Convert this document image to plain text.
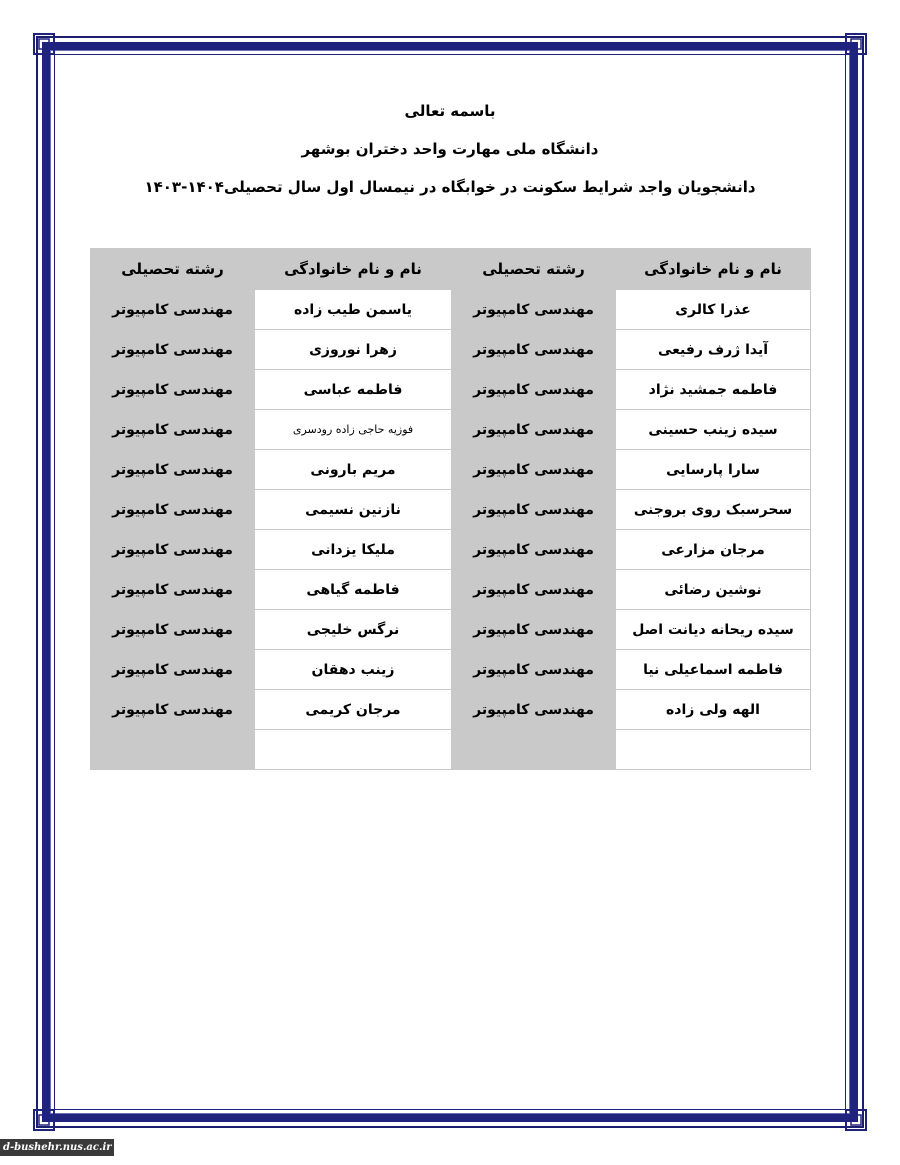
باسمه تعالی
دانشگاه ملی مهارت واحد دختران بوشهر
دانشجویان واجد شرایط سکونت در خوابگاه در نیمسال اول سال تحصیلی۱۴۰۴-۱۴۰۳
نام و نام خانوادگی	رشته تحصیلی	نام و نام خانوادگی	رشته تحصیلی
عذرا کالری	مهندسی کامپیوتر	یاسمن طیب زاده	مهندسی کامپیوتر
آیدا ژرف رفیعی	مهندسی کامپیوتر	زهرا نوروزی	مهندسی کامپیوتر
فاطمه جمشید نژاد	مهندسی کامپیوتر	فاطمه عباسی	مهندسی کامپیوتر
سیده زینب حسینی	مهندسی کامپیوتر	فوزیه حاجی زاده رودسری	مهندسی کامپیوتر
سارا پارسایی	مهندسی کامپیوتر	مریم بارونی	مهندسی کامپیوتر
سحرسبک روی بروجنی	مهندسی کامپیوتر	نازنین نسیمی	مهندسی کامپیوتر
مرجان مزارعی	مهندسی کامپیوتر	ملیکا یزدانی	مهندسی کامپیوتر
نوشین رضائی	مهندسی کامپیوتر	فاطمه گیاهی	مهندسی کامپیوتر
سیده ریحانه دیانت اصل	مهندسی کامپیوتر	نرگس خلیجی	مهندسی کامپیوتر
فاطمه اسماعیلی نیا	مهندسی کامپیوتر	زینب دهقان	مهندسی کامپیوتر
الهه ولی زاده	مهندسی کامپیوتر	مرجان کریمی	مهندسی کامپیوتر

d-bushehr.nus.ac.ir
